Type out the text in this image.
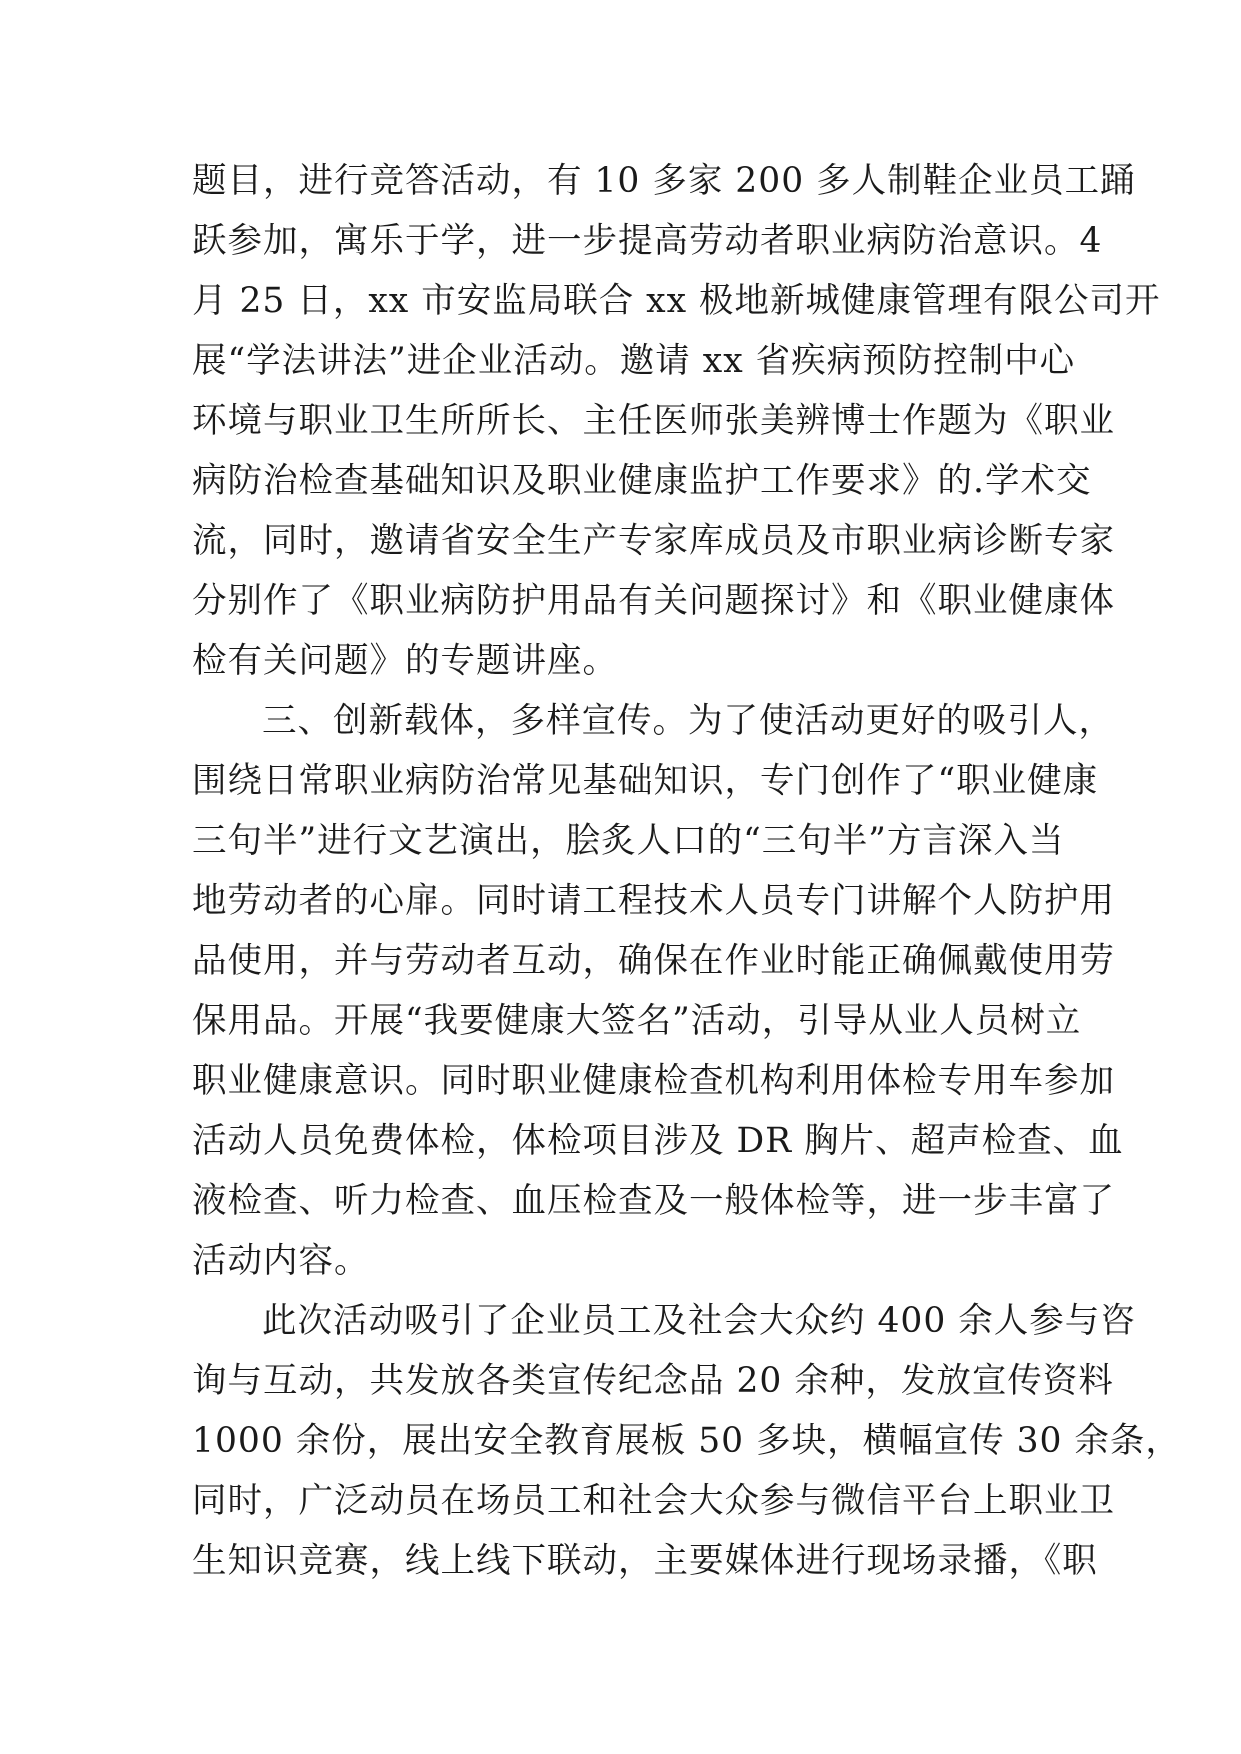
题目，进行竞答活动，有 10 多家 200 多人制鞋企业员工踊
跃参加，寓乐于学，进一步提高劳动者职业病防治意识。4
月 25 日，xx 市安监局联合 xx 极地新城健康管理有限公司开
展“学法讲法”进企业活动。邀请 xx 省疾病预防控制中心
环境与职业卫生所所长、主任医师张美辨博士作题为《职业
病防治检查基础知识及职业健康监护工作要求》的.学术交
流，同时，邀请省安全生产专家库成员及市职业病诊断专家
分别作了《职业病防护用品有关问题探讨》和《职业健康体
检有关问题》的专题讲座。
三、创新载体，多样宣传。为了使活动更好的吸引人，
围绕日常职业病防治常见基础知识，专门创作了“职业健康
三句半”进行文艺演出，脍炙人口的“三句半”方言深入当
地劳动者的心扉。同时请工程技术人员专门讲解个人防护用
品使用，并与劳动者互动，确保在作业时能正确佩戴使用劳
保用品。开展“我要健康大签名”活动，引导从业人员树立
职业健康意识。同时职业健康检查机构利用体检专用车参加
活动人员免费体检，体检项目涉及 DR 胸片、超声检查、血
液检查、听力检查、血压检查及一般体检等，进一步丰富了
活动内容。
此次活动吸引了企业员工及社会大众约 400 余人参与咨
询与互动，共发放各类宣传纪念品 20 余种，发放宣传资料
1000 余份，展出安全教育展板 50 多块，横幅宣传 30 余条，
同时，广泛动员在场员工和社会大众参与微信平台上职业卫
生知识竞赛，线上线下联动，主要媒体进行现场录播，《职
